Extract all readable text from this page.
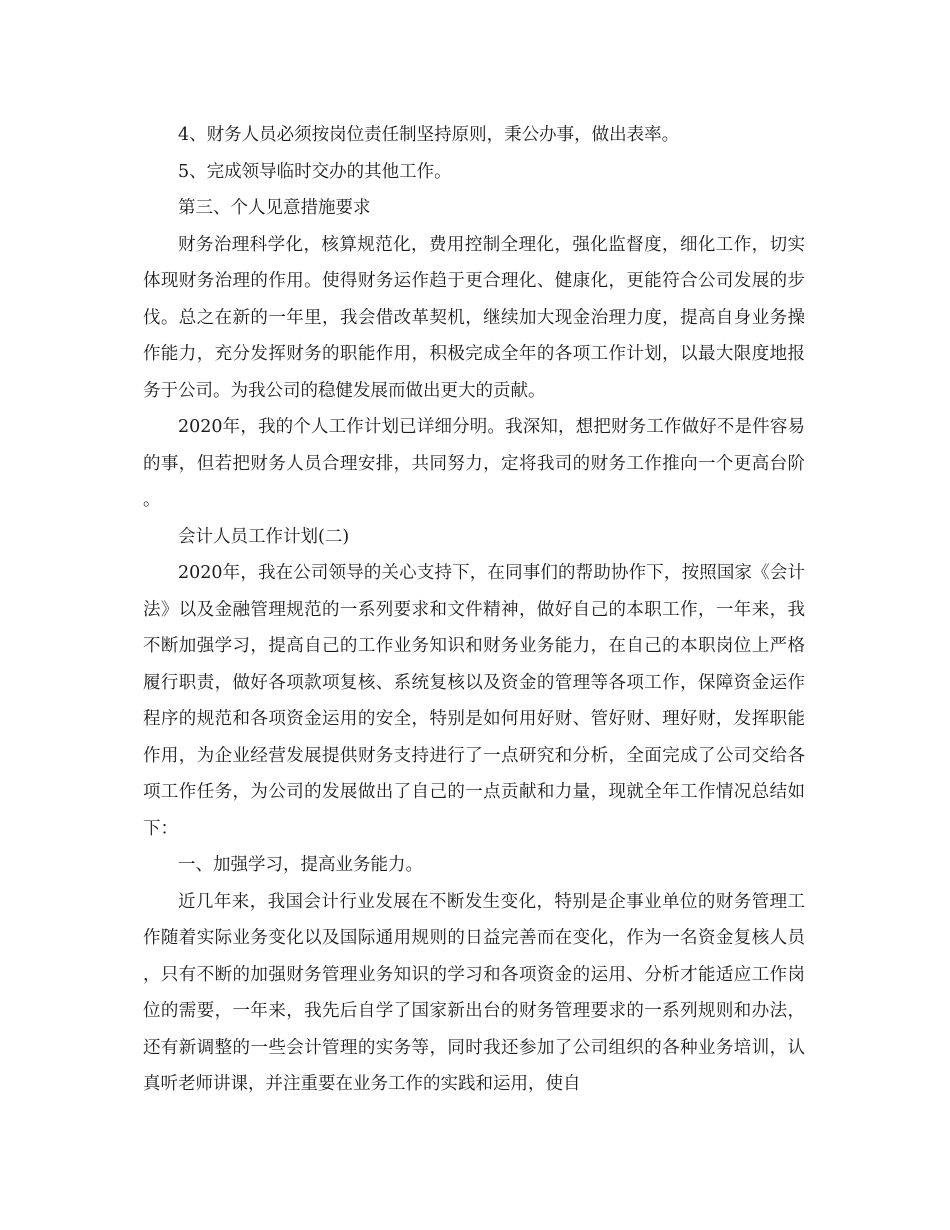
4、财务人员必须按岗位责任制坚持原则，秉公办事，做出表率。

5、完成领导临时交办的其他工作。

第三、个人见意措施要求

财务治理科学化，核算规范化，费用控制全理化，强化监督度，细化工作，切实体现财务治理的作用。使得财务运作趋于更合理化、健康化，更能符合公司发展的步伐。总之在新的一年里，我会借改革契机，继续加大现金治理力度，提高自身业务操作能力，充分发挥财务的职能作用，积极完成全年的各项工作计划，以最大限度地报务于公司。为我公司的稳健发展而做出更大的贡献。

2020年，我的个人工作计划已详细分明。我深知，想把财务工作做好不是件容易的事，但若把财务人员合理安排，共同努力，定将我司的财务工作推向一个更高台阶。

会计人员工作计划(二)

2020年，我在公司领导的关心支持下，在同事们的帮助协作下，按照国家《会计法》以及金融管理规范的一系列要求和文件精神，做好自己的本职工作，一年来，我不断加强学习，提高自己的工作业务知识和财务业务能力，在自己的本职岗位上严格履行职责，做好各项款项复核、系统复核以及资金的管理等各项工作，保障资金运作程序的规范和各项资金运用的安全，特别是如何用好财、管好财、理好财，发挥职能作用，为企业经营发展提供财务支持进行了一点研究和分析，全面完成了公司交给各项工作任务，为公司的发展做出了自己的一点贡献和力量，现就全年工作情况总结如下：

一、加强学习，提高业务能力。

近几年来，我国会计行业发展在不断发生变化，特别是企事业单位的财务管理工作随着实际业务变化以及国际通用规则的日益完善而在变化，作为一名资金复核人员，只有不断的加强财务管理业务知识的学习和各项资金的运用、分析才能适应工作岗位的需要，一年来，我先后自学了国家新出台的财务管理要求的一系列规则和办法，还有新调整的一些会计管理的实务等，同时我还参加了公司组织的各种业务培训，认真听老师讲课，并注重要在业务工作的实践和运用，使自
